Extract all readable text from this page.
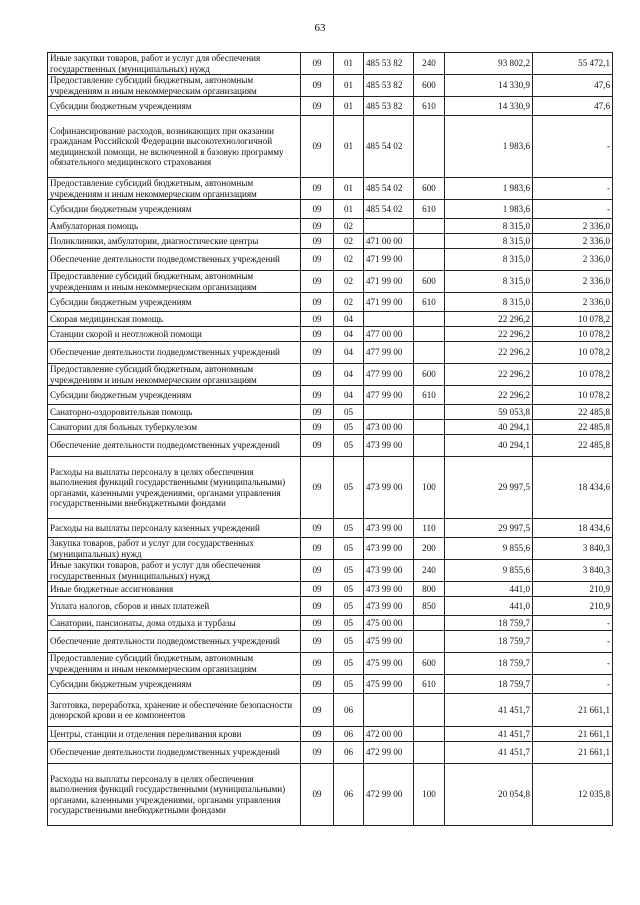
63
Иные закупки товаров, работ и услуг для обеспечения государственных (муниципальных) нужд	09	01	485 53 82	240	93 802,2	55 472,1
Предоставление субсидий бюджетным, автономным учреждениям и иным некоммерческим организациям	09	01	485 53 82	600	14 330,9	47,6
Субсидии бюджетным учреждениям	09	01	485 53 82	610	14 330,9	47,6
Софинансирование расходов, возникающих при оказании гражданам Российской Федерации высокотехнологичной медицинской помощи, не включенной в базовую программу обязательного медицинского страхования	09	01	485 54 02		1 983,6	-
Предоставление субсидий бюджетным, автономным учреждениям и иным некоммерческим организациям	09	01	485 54 02	600	1 983,6	-
Субсидии бюджетным учреждениям	09	01	485 54 02	610	1 983,6	-
Амбулаторная помощь	09	02			8 315,0	2 336,0
Поликлиники, амбулатории, диагностические центры	09	02	471 00 00		8 315,0	2 336,0
Обеспечение деятельности подведомственных учреждений	09	02	471 99 00		8 315,0	2 336,0
Предоставление субсидий бюджетным, автономным учреждениям и иным некоммерческим организациям	09	02	471 99 00	600	8 315,0	2 336,0
Субсидии бюджетным учреждениям	09	02	471 99 00	610	8 315,0	2 336,0
Скорая медицинская помощь	09	04			22 296,2	10 078,2
Станции скорой и неотложной помощи	09	04	477 00 00		22 296,2	10 078,2
Обеспечение деятельности подведомственных учреждений	09	04	477 99 00		22 296,2	10 078,2
Предоставление субсидий бюджетным, автономным учреждениям и иным некоммерческим организациям	09	04	477 99 00	600	22 296,2	10 078,2
Субсидии бюджетным учреждениям	09	04	477 99 00	610	22 296,2	10 078,2
Санаторно-оздоровительная помощь	09	05			59 053,8	22 485,8
Санатории для больных туберкулезом	09	05	473 00 00		40 294,1	22 485,8
Обеспечение деятельности подведомственных учреждений	09	05	473 99 00		40 294,1	22 485,8
Расходы на выплаты персоналу в целях обеспечения выполнения функций государственными (муниципальными) органами, казенными учреждениями, органами управления государственными внебюджетными фондами	09	05	473 99 00	100	29 997,5	18 434,6
Расходы на выплаты персоналу казенных учреждений	09	05	473 99 00	110	29 997,5	18 434,6
Закупка товаров, работ и услуг для государственных (муниципальных) нужд	09	05	473 99 00	200	9 855,6	3 840,3
Иные закупки товаров, работ и услуг для обеспечения государственных (муниципальных) нужд	09	05	473 99 00	240	9 855,6	3 840,3
Иные бюджетные ассигнования	09	05	473 99 00	800	441,0	210,9
Уплата налогов, сборов и иных платежей	09	05	473 99 00	850	441,0	210,9
Санатории, пансионаты, дома отдыха и турбазы	09	05	475 00 00		18 759,7	-
Обеспечение деятельности подведомственных учреждений	09	05	475 99 00		18 759,7	-
Предоставление субсидий бюджетным, автономным учреждениям и иным некоммерческим организациям	09	05	475 99 00	600	18 759,7	-
Субсидии бюджетным учреждениям	09	05	475 99 00	610	18 759,7	-
Заготовка, переработка, хранение и обеспечение безопасности донорской крови и ее компонентов	09	06			41 451,7	21 661,1
Центры, станции и отделения переливания крови	09	06	472 00 00		41 451,7	21 661,1
Обеспечение деятельности подведомственных учреждений	09	06	472 99 00		41 451,7	21 661,1
Расходы на выплаты персоналу в целях обеспечения выполнения функций государственными (муниципальными) органами, казенными учреждениями, органами управления государственными внебюджетными фондами	09	06	472 99 00	100	20 054,8	12 035,8
